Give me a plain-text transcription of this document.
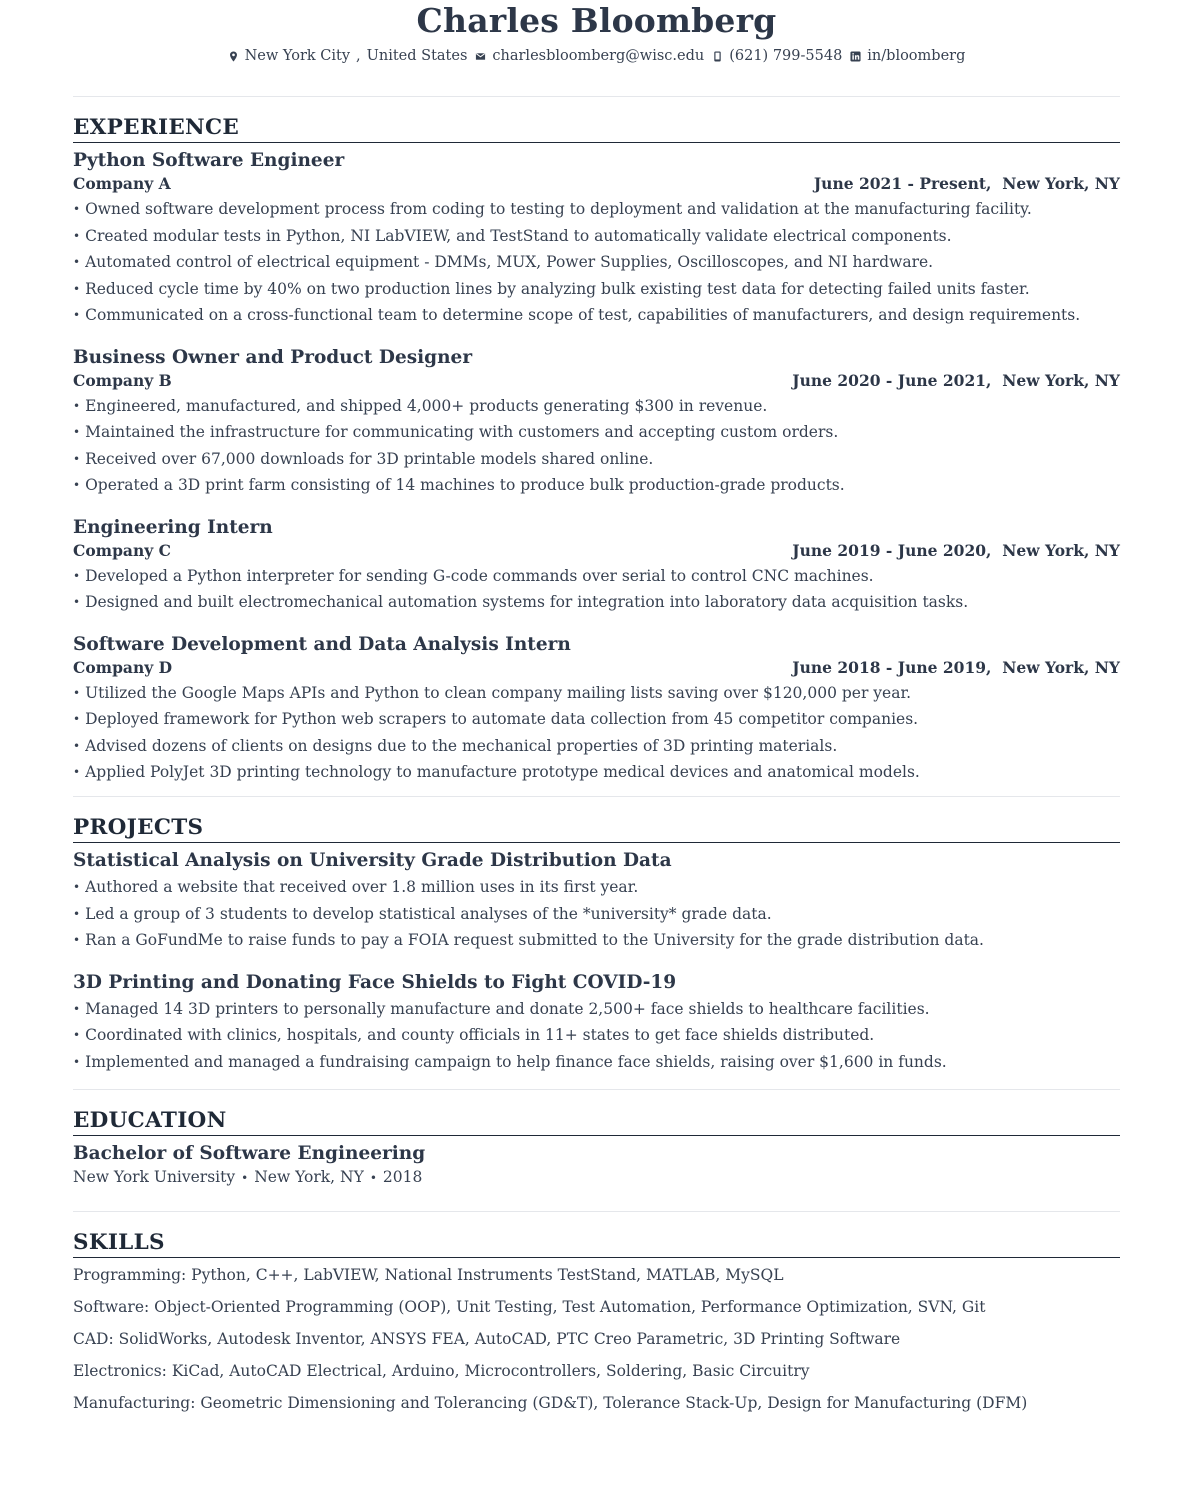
Charles Bloomberg
New York City , United States charlesbloomberg@wisc.edu (621) 799-5548 in/bloomberg
EXPERIENCE
Python Software Engineer
Company A	June 2021 - Present, New York, NY
• Owned software development process from coding to testing to deployment and validation at the manufacturing facility.
• Created modular tests in Python, NI LabVIEW, and TestStand to automatically validate electrical components.
• Automated control of electrical equipment - DMMs, MUX, Power Supplies, Oscilloscopes, and NI hardware.
• Reduced cycle time by 40% on two production lines by analyzing bulk existing test data for detecting failed units faster.
• Communicated on a cross-functional team to determine scope of test, capabilities of manufacturers, and design requirements.
Business Owner and Product Designer
Company B	June 2020 - June 2021, New York, NY
• Engineered, manufactured, and shipped 4,000+ products generating $300 in revenue.
• Maintained the infrastructure for communicating with customers and accepting custom orders.
• Received over 67,000 downloads for 3D printable models shared online.
• Operated a 3D print farm consisting of 14 machines to produce bulk production-grade products.
Engineering Intern
Company C	June 2019 - June 2020, New York, NY
• Developed a Python interpreter for sending G-code commands over serial to control CNC machines.
• Designed and built electromechanical automation systems for integration into laboratory data acquisition tasks.
Software Development and Data Analysis Intern
Company D	June 2018 - June 2019, New York, NY
• Utilized the Google Maps APIs and Python to clean company mailing lists saving over $120,000 per year.
• Deployed framework for Python web scrapers to automate data collection from 45 competitor companies.
• Advised dozens of clients on designs due to the mechanical properties of 3D printing materials.
• Applied PolyJet 3D printing technology to manufacture prototype medical devices and anatomical models.
PROJECTS
Statistical Analysis on University Grade Distribution Data
• Authored a website that received over 1.8 million uses in its first year.
• Led a group of 3 students to develop statistical analyses of the *university* grade data.
• Ran a GoFundMe to raise funds to pay a FOIA request submitted to the University for the grade distribution data.
3D Printing and Donating Face Shields to Fight COVID-19
• Managed 14 3D printers to personally manufacture and donate 2,500+ face shields to healthcare facilities.
• Coordinated with clinics, hospitals, and county officials in 11+ states to get face shields distributed.
• Implemented and managed a fundraising campaign to help finance face shields, raising over $1,600 in funds.
EDUCATION
Bachelor of Software Engineering
New York University • New York, NY • 2018
SKILLS
Programming: Python, C++, LabVIEW, National Instruments TestStand, MATLAB, MySQL
Software: Object-Oriented Programming (OOP), Unit Testing, Test Automation, Performance Optimization, SVN, Git
CAD: SolidWorks, Autodesk Inventor, ANSYS FEA, AutoCAD, PTC Creo Parametric, 3D Printing Software
Electronics: KiCad, AutoCAD Electrical, Arduino, Microcontrollers, Soldering, Basic Circuitry
Manufacturing: Geometric Dimensioning and Tolerancing (GD&T), Tolerance Stack-Up, Design for Manufacturing (DFM)
